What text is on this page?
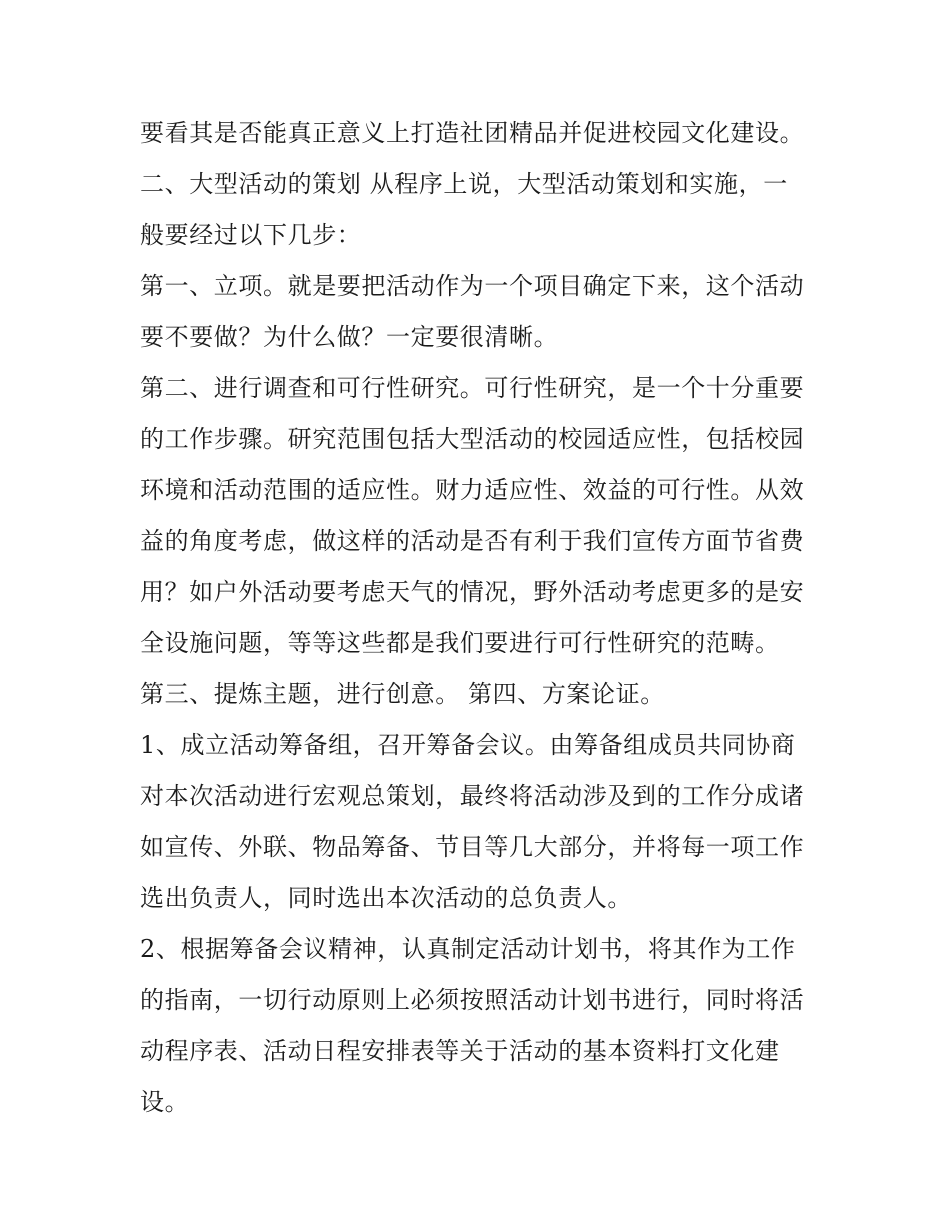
要看其是否能真正意义上打造社团精品并促进校园文化建设。
二、大型活动的策划 从程序上说，大型活动策划和实施，一
般要经过以下几步：
第一、立项。就是要把活动作为一个项目确定下来，这个活动
要不要做？为什么做？一定要很清晰。
第二、进行调查和可行性研究。可行性研究，是一个十分重要
的工作步骤。研究范围包括大型活动的校园适应性，包括校园
环境和活动范围的适应性。财力适应性、效益的可行性。从效
益的角度考虑，做这样的活动是否有利于我们宣传方面节省费
用？如户外活动要考虑天气的情况，野外活动考虑更多的是安
全设施问题，等等这些都是我们要进行可行性研究的范畴。
第三、提炼主题，进行创意。 第四、方案论证。
1、成立活动筹备组，召开筹备会议。由筹备组成员共同协商
对本次活动进行宏观总策划，最终将活动涉及到的工作分成诸
如宣传、外联、物品筹备、节目等几大部分，并将每一项工作
选出负责人，同时选出本次活动的总负责人。
2、根据筹备会议精神，认真制定活动计划书，将其作为工作
的指南，一切行动原则上必须按照活动计划书进行，同时将活
动程序表、活动日程安排表等关于活动的基本资料打文化建
设。
